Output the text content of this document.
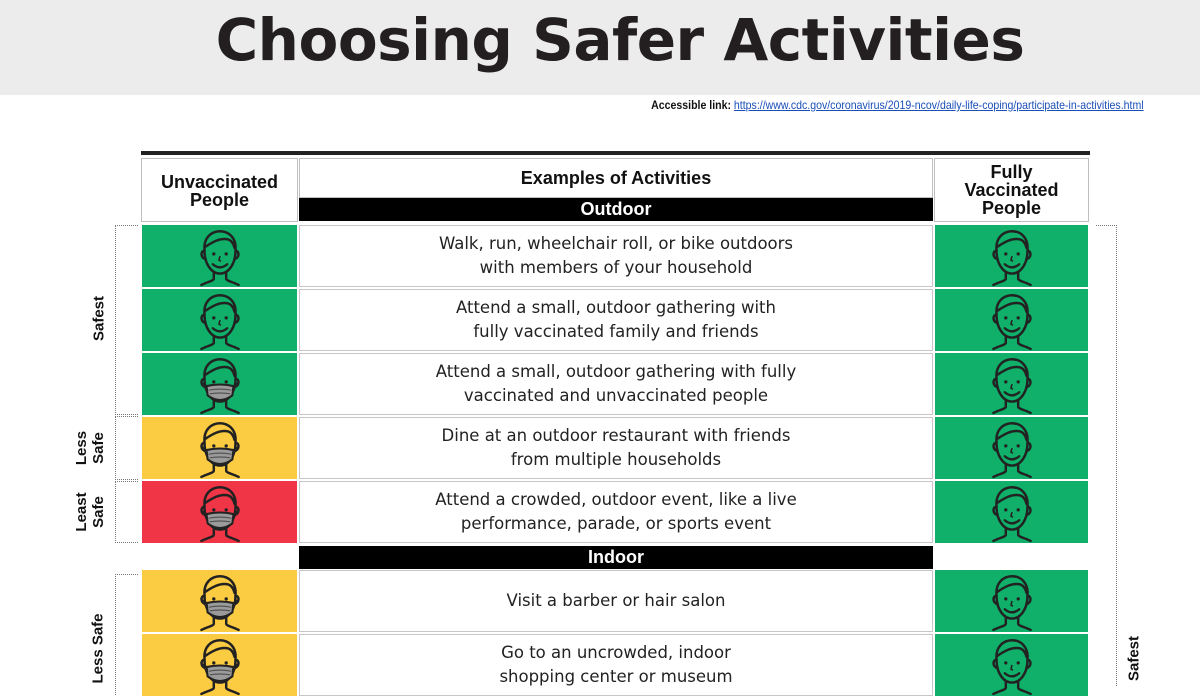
Choosing Safer Activities
Accessible link: https://www.cdc.gov/coronavirus/2019-ncov/daily-life-coping/participate-in-activities.html
Unvaccinated
People
Examples of Activities	Fully
Vaccinated
People
Outdoor
Indoor
Safest
Less Safe
Least Safe
Less Safe	Safest
Walk, run, wheelchair roll, or bike outdoors
with members of your household
Attend a small, outdoor gathering with
fully vaccinated family and friends
Attend a small, outdoor gathering with fully
vaccinated and unvaccinated people
Dine at an outdoor restaurant with friends
from multiple households
Attend a crowded, outdoor event, like a live
performance, parade, or sports event
Visit a barber or hair salon
Go to an uncrowded, indoor
shopping center or museum
